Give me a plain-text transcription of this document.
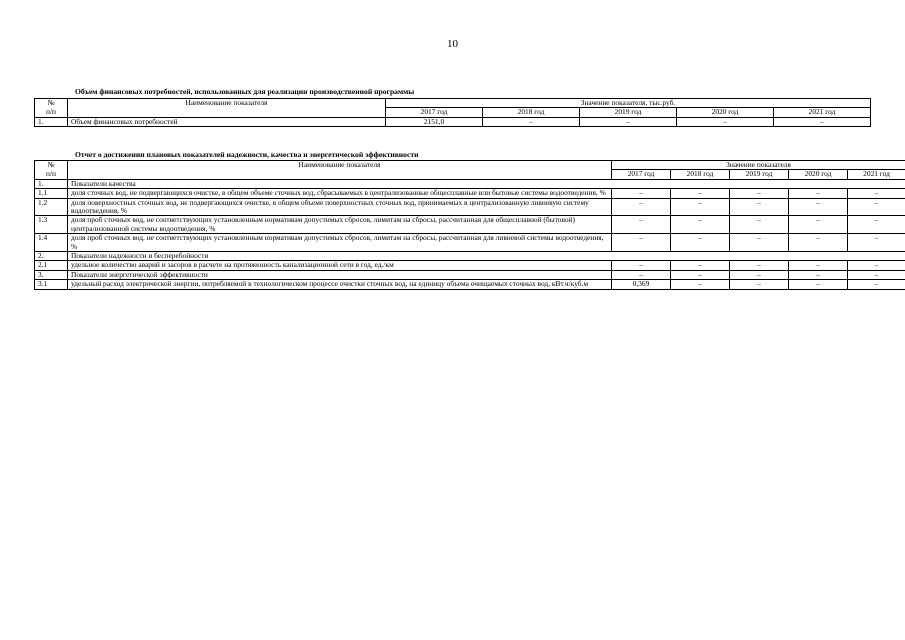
10
Объем финансовых потребностей, использованных для реализации производственной программы
№	Наименование показателя	Значение показателя, тыс.руб.				
п/п		2017 год	2018 год	2019 год	2020 год	2021 год
1.	Объем финансовых потребностей	2151,0	–	–	–	–
Отчет о достижении плановых показателей надежности, качества и энергетической эффективности
№	Наименование показателя	Значение показателя				
п/п		2017 год	2018 год	2019 год	2020 год	2021 год
1.	Показатели качества					
1.1	доля сточных вод, не подвергающихся очистке, в общем объеме сточных вод, сбрасываемых в централизованные общесплавные или бытовые системы водоотведения, %	–	–	–	–	–
1.2	доля поверхностных сточных вод, не подвергающихся очистке, в общем объеме поверхностных сточных вод, принимаемых в централизованную ливневую систему водоотведения, %	–	–	–	–	–
1.3	доля проб сточных вод, не соответствующих установленным нормативам допустимых сбросов, лимитам на сбросы, рассчитанная для общесплавной (бытовой) централизованной системы водоотведения, %	–	–	–	–	–
1.4	доля проб сточных вод, не соответствующих установленным нормативам допустимых сбросов, лимитам на сбросы, рассчитанная для ливневой системы водоотведения, %	–	–	–	–	–
2.	Показатели надежности и бесперебойности					
2.1	удельное количество аварий и засоров в расчете на протяженность канализационной сети в год, ед./км	–	–	–	–	–
3.	Показатели энергетической эффективности	–	–	–	–	–
3.1	удельный расход электрической энергии, потребляемой в технологическом процессе очистки сточных вод, на единицу объема очищаемых сточных вод, кВт.ч/куб.м	0,369	–	–	–	–
